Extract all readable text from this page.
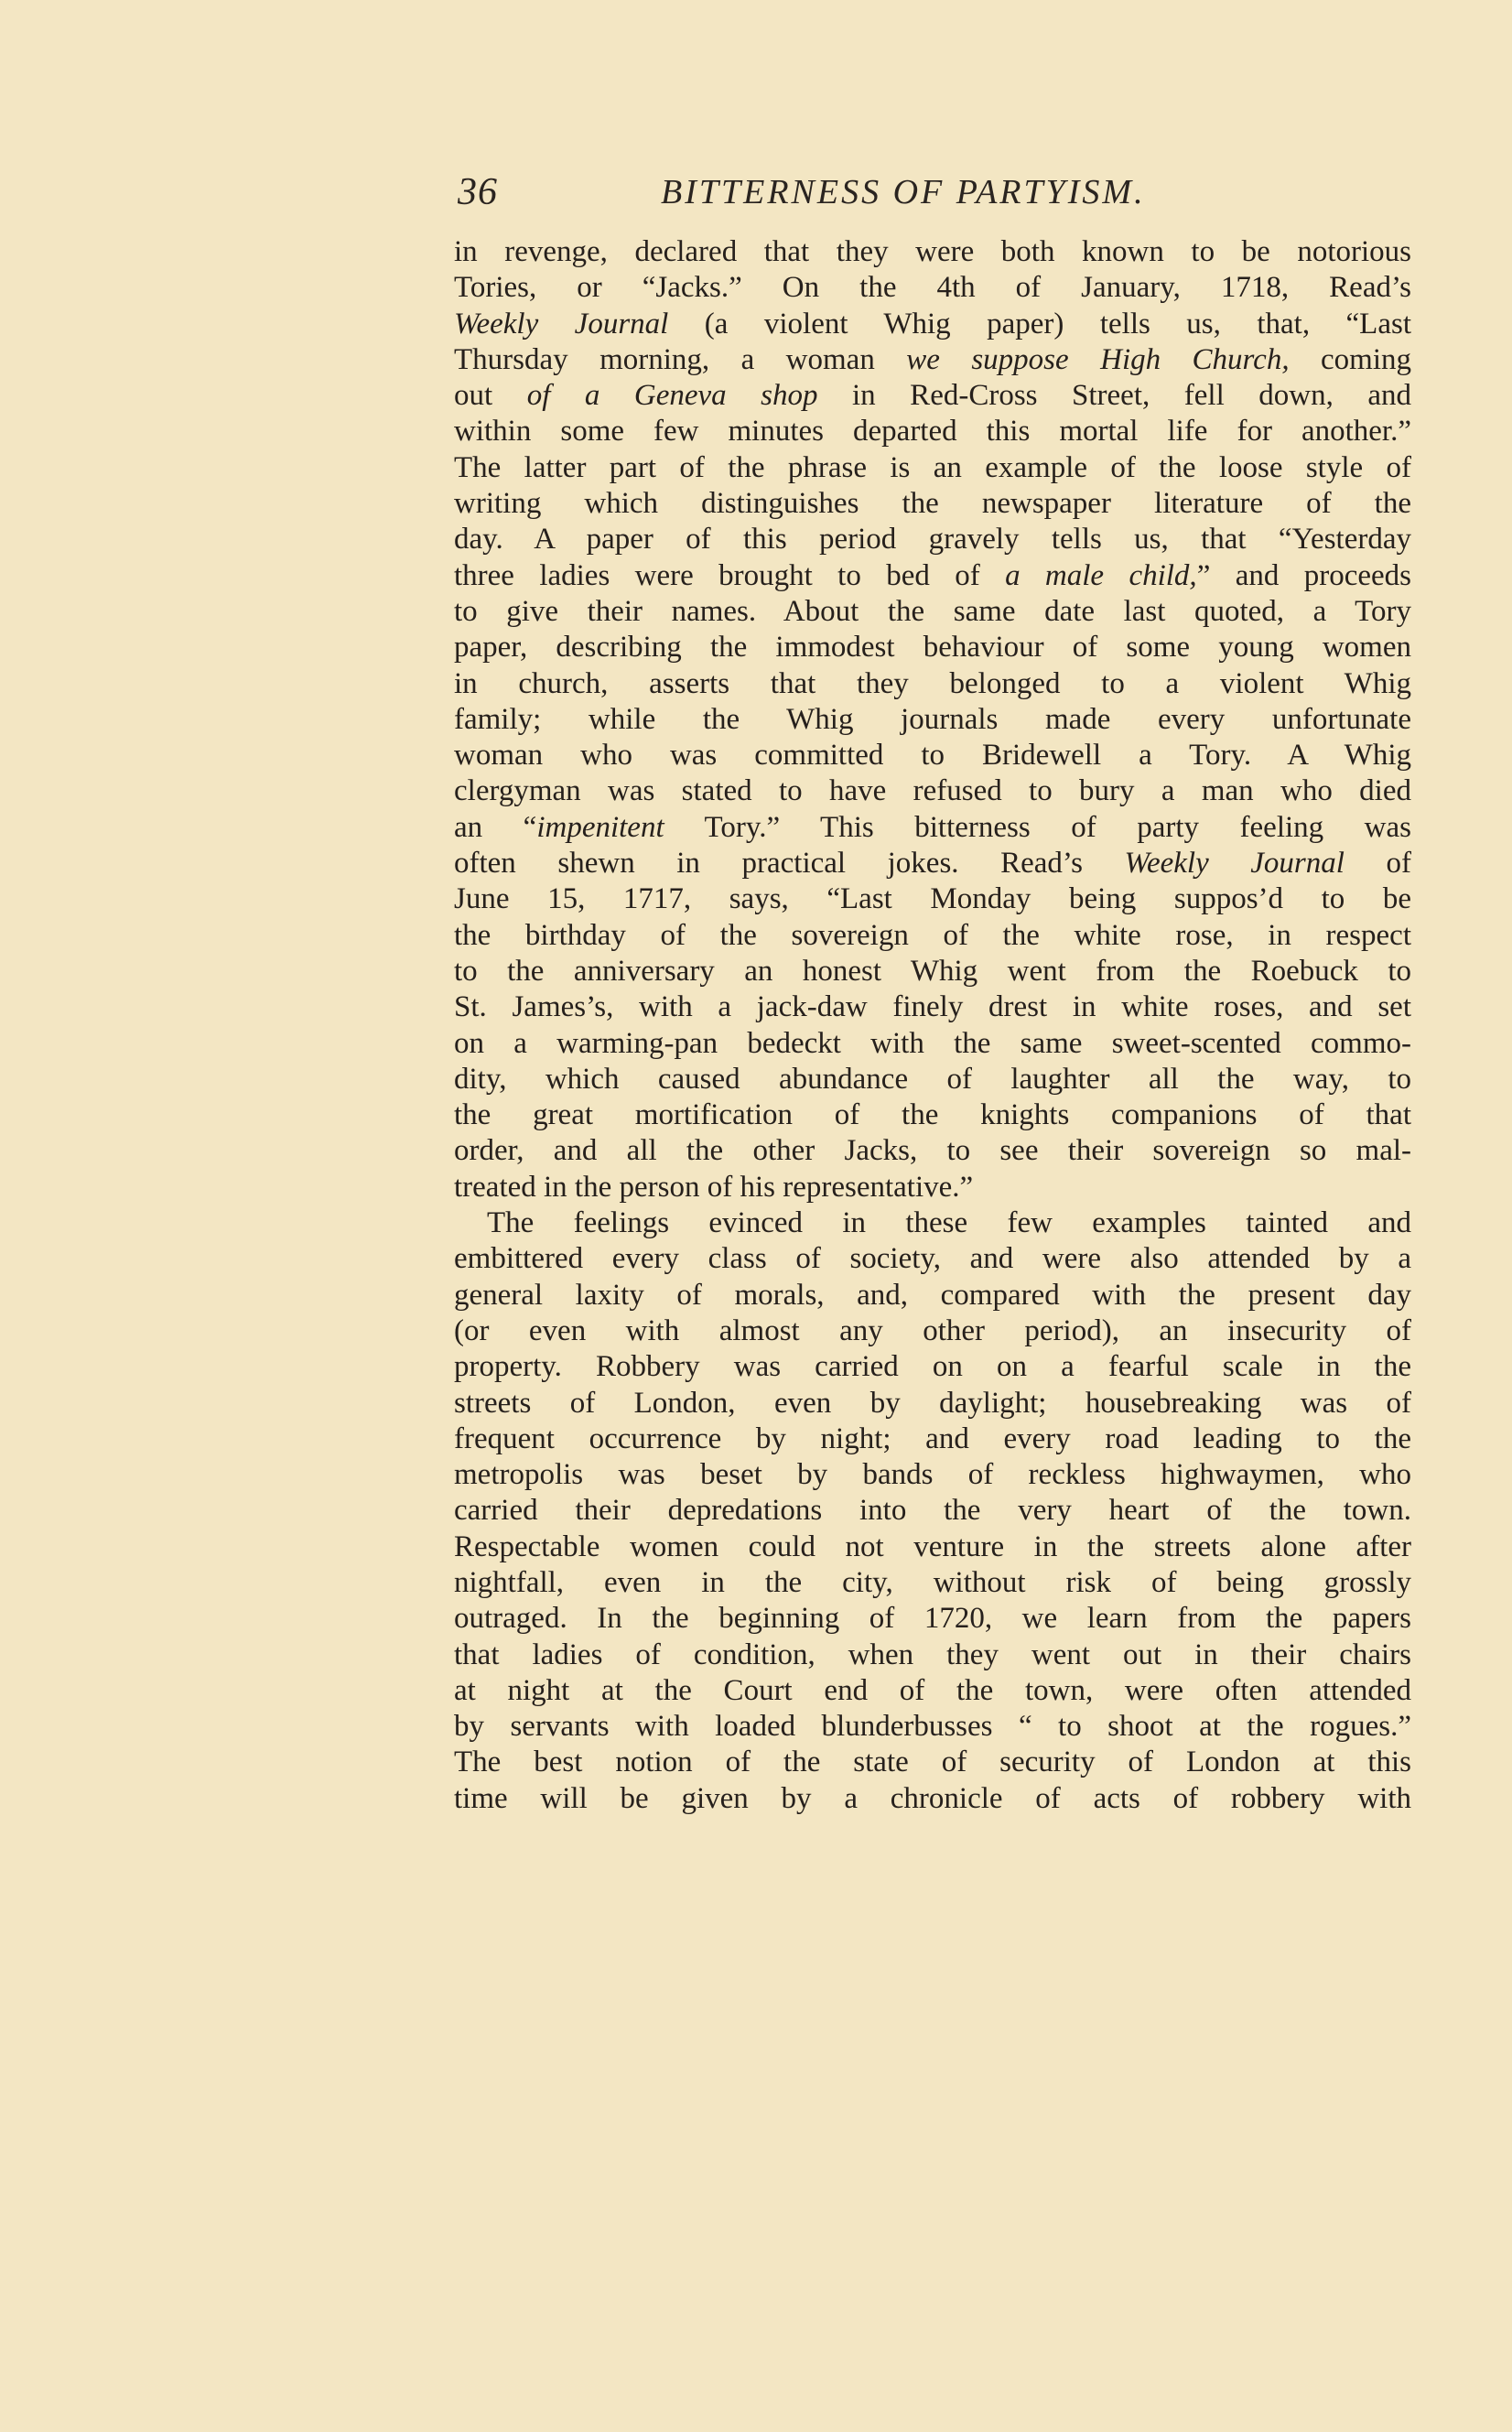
36	BITTERNESS OF PARTYISM.
in revenge, declared that they were both known to be notorious
Tories, or “Jacks.” On the 4th of January, 1718, Read’s
Weekly Journal (a violent Whig paper) tells us, that, “Last
Thursday morning, a woman we suppose High Church, coming
out of a Geneva shop in Red-Cross Street, fell down, and
within some few minutes departed this mortal life for another.”
The latter part of the phrase is an example of the loose style of
writing which distinguishes the newspaper literature of the
day. A paper of this period gravely tells us, that “Yesterday
three ladies were brought to bed of a male child,” and proceeds
to give their names. About the same date last quoted, a Tory
paper, describing the immodest behaviour of some young women
in church, asserts that they belonged to a violent Whig
family; while the Whig journals made every unfortunate
woman who was committed to Bridewell a Tory. A Whig
clergyman was stated to have refused to bury a man who died
an “impenitent Tory.” This bitterness of party feeling was
often shewn in practical jokes. Read’s Weekly Journal of
June 15, 1717, says, “Last Monday being suppos’d to be
the birthday of the sovereign of the white rose, in respect
to the anniversary an honest Whig went from the Roebuck to
St. James’s, with a jack-daw finely drest in white roses, and set
on a warming-pan bedeckt with the same sweet-scented commo-
dity, which caused abundance of laughter all the way, to
the great mortification of the knights companions of that
order, and all the other Jacks, to see their sovereign so mal-
treated in the person of his representative.”
The feelings evinced in these few examples tainted and
embittered every class of society, and were also attended by a
general laxity of morals, and, compared with the present day
(or even with almost any other period), an insecurity of
property. Robbery was carried on on a fearful scale in the
streets of London, even by daylight; housebreaking was of
frequent occurrence by night; and every road leading to the
metropolis was beset by bands of reckless highwaymen, who
carried their depredations into the very heart of the town.
Respectable women could not venture in the streets alone after
nightfall, even in the city, without risk of being grossly
outraged. In the beginning of 1720, we learn from the papers
that ladies of condition, when they went out in their chairs
at night at the Court end of the town, were often attended
by servants with loaded blunderbusses “ to shoot at the rogues.”
The best notion of the state of security of London at this
time will be given by a chronicle of acts of robbery with
